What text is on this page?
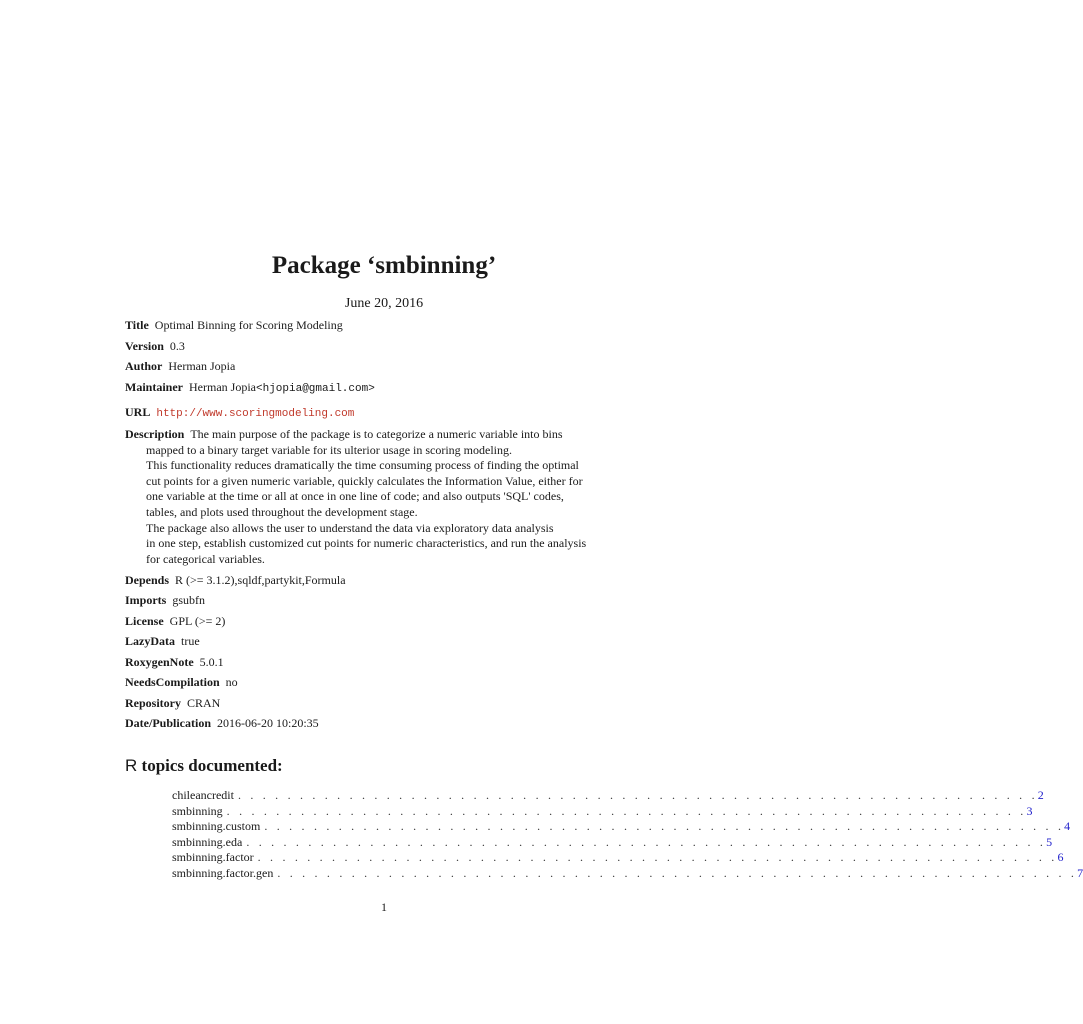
Package ‘smbinning’
June 20, 2016
Title Optimal Binning for Scoring Modeling
Version 0.3
Author Herman Jopia
Maintainer Herman Jopia<hjopia@gmail.com>
URL http://www.scoringmodeling.com
Description The main purpose of the package is to categorize a numeric variable into bins
mapped to a binary target variable for its ulterior usage in scoring modeling.
This functionality reduces dramatically the time consuming process of finding the optimal
cut points for a given numeric variable, quickly calculates the Information Value, either for
one variable at the time or all at once in one line of code; and also outputs 'SQL' codes,
tables, and plots used throughout the development stage.
The package also allows the user to understand the data via exploratory data analysis
in one step, establish customized cut points for numeric characteristics, and run the analysis
for categorical variables.
Depends R (>= 3.1.2),sqldf,partykit,Formula
Imports gsubfn
License GPL (>= 2)
LazyData true
RoxygenNote 5.0.1
NeedsCompilation no
Repository CRAN
Date/Publication 2016-06-20 10:20:35
R topics documented:
chileancredit . . . . . . . . . . . . . . . . . . . . . . . . . . . . . . . . . . . . . . . . . . . . . . . . . . . . . . . . . . . . . . . . . 2
smbinning . . . . . . . . . . . . . . . . . . . . . . . . . . . . . . . . . . . . . . . . . . . . . . . . . . . . . . . . . . . . . . . . . 3
smbinning.custom . . . . . . . . . . . . . . . . . . . . . . . . . . . . . . . . . . . . . . . . . . . . . . . . . . . . . . . . . . . . . . . . . 4
smbinning.eda . . . . . . . . . . . . . . . . . . . . . . . . . . . . . . . . . . . . . . . . . . . . . . . . . . . . . . . . . . . . . . . . . 5
smbinning.factor . . . . . . . . . . . . . . . . . . . . . . . . . . . . . . . . . . . . . . . . . . . . . . . . . . . . . . . . . . . . . . . . . 6
smbinning.factor.gen . . . . . . . . . . . . . . . . . . . . . . . . . . . . . . . . . . . . . . . . . . . . . . . . . . . . . . . . . . . . . . . . . 7
1
